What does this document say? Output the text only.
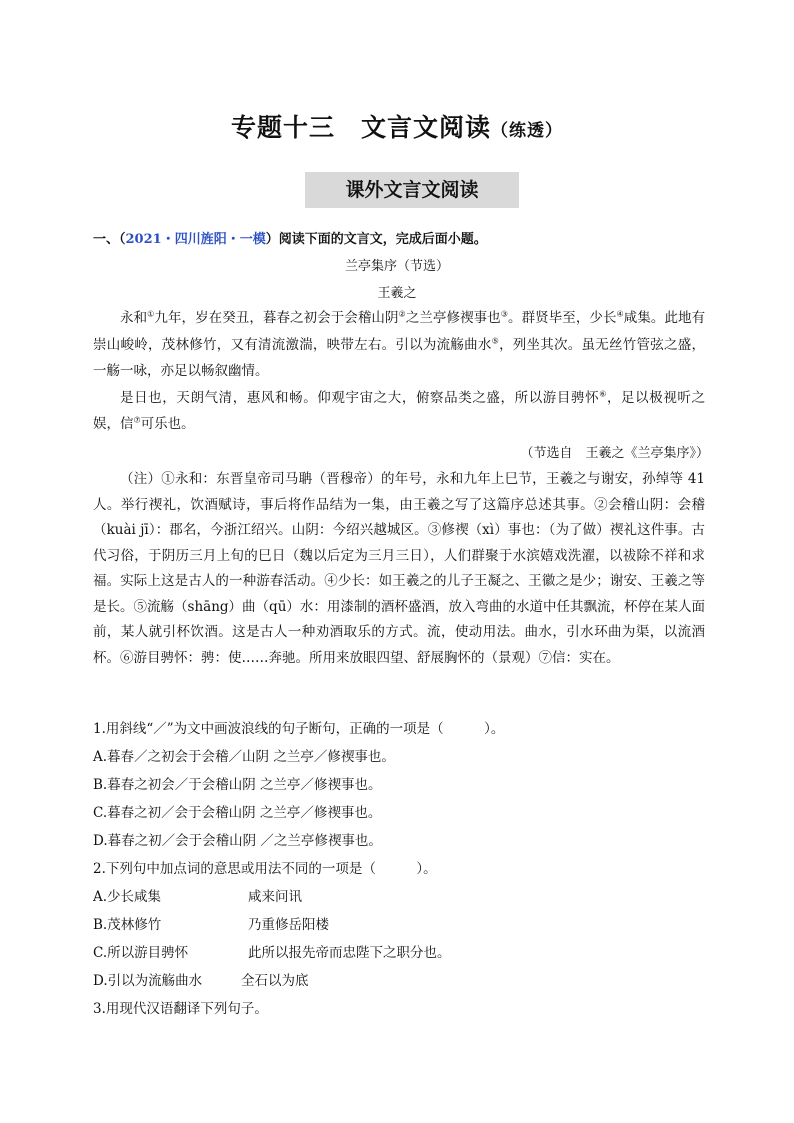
专题十三 文言文阅读（练透）
课外文言文阅读
一、（2021・四川旌阳・一模）阅读下面的文言文，完成后面小题。
兰亭集序（节选）
王羲之

永和①九年，岁在癸丑，暮春之初会于会稽山阴②之兰亭修禊事也③。群贤毕至，少长④咸集。此地有崇山峻岭，茂林修竹，又有清流激湍，映带左右。引以为流觞曲水⑤，列坐其次。虽无丝竹管弦之盛，一觞一咏，亦足以畅叙幽情。

是日也，天朗气清，惠风和畅。仰观宇宙之大，俯察品类之盛，所以游目骋怀⑥，足以极视听之娱，信⑦可乐也。

（节选自　王羲之《兰亭集序》）

（注）①永和：东晋皇帝司马聃（晋穆帝）的年号，永和九年上巳节，王羲之与谢安，孙绰等 41 人。举行禊礼，饮酒赋诗，事后将作品结为一集，由王羲之写了这篇序总述其事。②会稽山阴：会稽（kuài jī）：郡名，今浙江绍兴。山阴：今绍兴越城区。③修禊（xì）事也：（为了做）禊礼这件事。古代习俗，于阴历三月上旬的巳日（魏以后定为三月三日），人们群聚于水滨嬉戏洗濯，以祓除不祥和求福。实际上这是古人的一种游春活动。④少长：如王羲之的儿子王凝之、王徽之是少；谢安、王羲之等是长。⑤流觞（shāng）曲（qū）水：用漆制的酒杯盛酒，放入弯曲的水道中任其飘流，杯停在某人面前，某人就引杯饮酒。这是古人一种劝酒取乐的方式。流，使动用法。曲水，引水环曲为渠，以流酒杯。⑥游目骋怀：骋：使……奔驰。所用来放眼四望、舒展胸怀的（景观）⑦信：实在。

1.用斜线“／”为文中画波浪线的句子断句，正确的一项是（　　　）。
A.暮春／之初会于会稽／山阴 之兰亭／修禊事也。
B.暮春之初会／于会稽山阴 之兰亭／修禊事也。
C.暮春之初／会于会稽山阴 之兰亭／修禊事也。
D.暮春之初／会于会稽山阴 ／之兰亭修禊事也。
2.下列句中加点词的意思或用法不同的一项是（　　　）。
A.少长咸集	咸来问讯
B.茂林修竹	乃重修岳阳楼
C.所以游目骋怀	此所以报先帝而忠陛下之职分也。
D.引以为流觞曲水	全石以为底
3.用现代汉语翻译下列句子。
